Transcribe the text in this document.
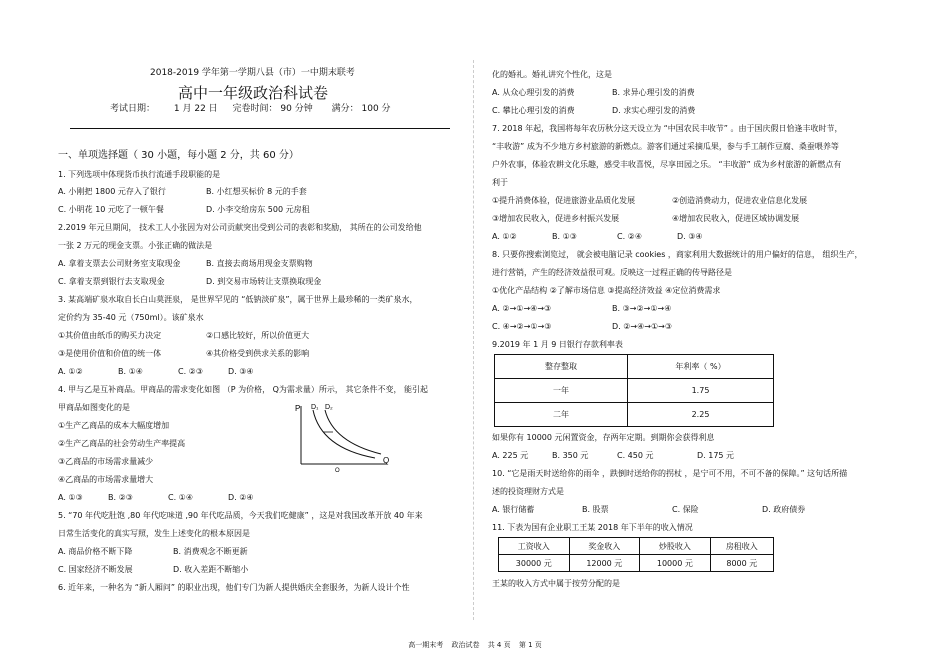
2018-2019 学年第一学期八县（市）一中期末联考
高中一年级政治科试卷
考试日期： 1 月 22 日 完卷时间： 90 分钟 满分： 100 分
一、单项选择题（ 30 小题，每小题 2 分，共 60 分）
1. 下列选项中体现货币执行流通手段职能的是
A. 小刚把 1800 元存入了银行	B. 小红想买标价 8 元的手套
C. 小明花 10 元吃了一顿午餐	D. 小李交给房东 500 元房租
2.2019 年元旦期间， 技术工人小张因为对公司贡献突出受到公司的表彰和奖励， 其所在的公司发给他
一张 2 万元的现金支票。小张正确的做法是
A. 拿着支票去公司财务室支取现金	B. 直接去商场用现金支票购物
C. 拿着支票到银行去支取现金	D. 到交易市场转让支票换取现金
3. 某高端矿泉水取自长白山莫涯泉， 是世界罕见的 “低钠淡矿泉”，属于世界上最珍稀的一类矿泉水，
定价约为 35-40 元（750ml）。该矿泉水
①其价值由纸币的购买力决定	②口感比较好，所以价值更大
③是使用价值和价值的统一体	④其价格受到供求关系的影响
A. ①②	B. ①④	C. ②③	D. ③④
4. 甲与乙是互补商品。甲商品的需求变化如图 （P 为价格， Q为需求量）所示， 其它条件不变， 能引起
甲商品如图变化的是
①生产乙商品的成本大幅度增加
②生产乙商品的社会劳动生产率提高
③乙商品的市场需求量减少
④乙商品的市场需求量增大
A. ①③	B. ②③	C. ①④	D. ②④
5. “70 年代吃肚饱 ,80 年代吃味道 ,90 年代吃品质，今天我们吃健康” ，这是对我国改革开放 40 年来
日常生活变化的真实写照，发生上述变化的根本原因是
A. 商品价格不断下降	B. 消费观念不断更新
C. 国家经济不断发展	D. 收入差距不断缩小
6. 近年来，一种名为 “新人厢问” 的职业出现，他们专门为新人提供婚庆全套服务，为新人设计个性
P D₁ D₂
Q
O
化的婚礼。婚礼讲究个性化，这是
A. 从众心理引发的消费	B. 求异心理引发的消费
C. 攀比心理引发的消费	D. 求实心理引发的消费
7. 2018 年起，我国将每年农历秋分这天设立为 “中国农民丰收节” 。由于国庆假日恰逢丰收时节，
“丰收游” 成为不少地方乡村旅游的新燃点。游客们通过采摘瓜果，参与手工制作豆腐、桑蚕喂养等
户外农事，体验农耕文化乐趣，感受丰收喜悦，尽享田园之乐。 “丰收游” 成为乡村旅游的新燃点有
利于
①提升消费体验，促进旅游业品质化发展	②创造消费动力，促进农业信息化发展
③增加农民收入，促进乡村振兴发展	④增加农民收入，促进区域协调发展
A. ①②	B. ①③	C. ②④	D. ③④
8. 只要你搜索浏览过， 就会被电脑记录 cookies ，商家利用大数据统计的用户偏好的信息， 组织生产，
进行营销，产生的经济效益很可观。反映这一过程正确的传导路径是
①优化产品结构 ②了解市场信息 ③提高经济效益 ④定位消费需求
A. ②→①→④→③	B. ③→②→①→④
C. ④→②→①→③	D. ②→④→①→③
9.2019 年 1 月 9 日银行存款利率表
整存整取	年利率（ %）
一年	1.75
二年	2.25
如果你有 10000 元闲置资金，存两年定期。到期你会获得利息
A. 225 元	B. 350 元	C. 450 元	D. 175 元
10. “它是雨天时送给你的雨伞 ，跌倒时送给你的拐杖 ，是宁可不用，不可不备的保障。” 这句话所描
述的投资理财方式是
A. 银行储蓄	B. 股票	C. 保险	D. 政府债券
11. 下表为国有企业职工王某 2018 年下半年的收入情况
工资收入	奖金收入	炒股收入	房租收入
30000 元	12000 元	10000 元	8000 元
王某的收入方式中属于按劳分配的是
高一期末考 政治试卷 共 4 页 第 1 页
